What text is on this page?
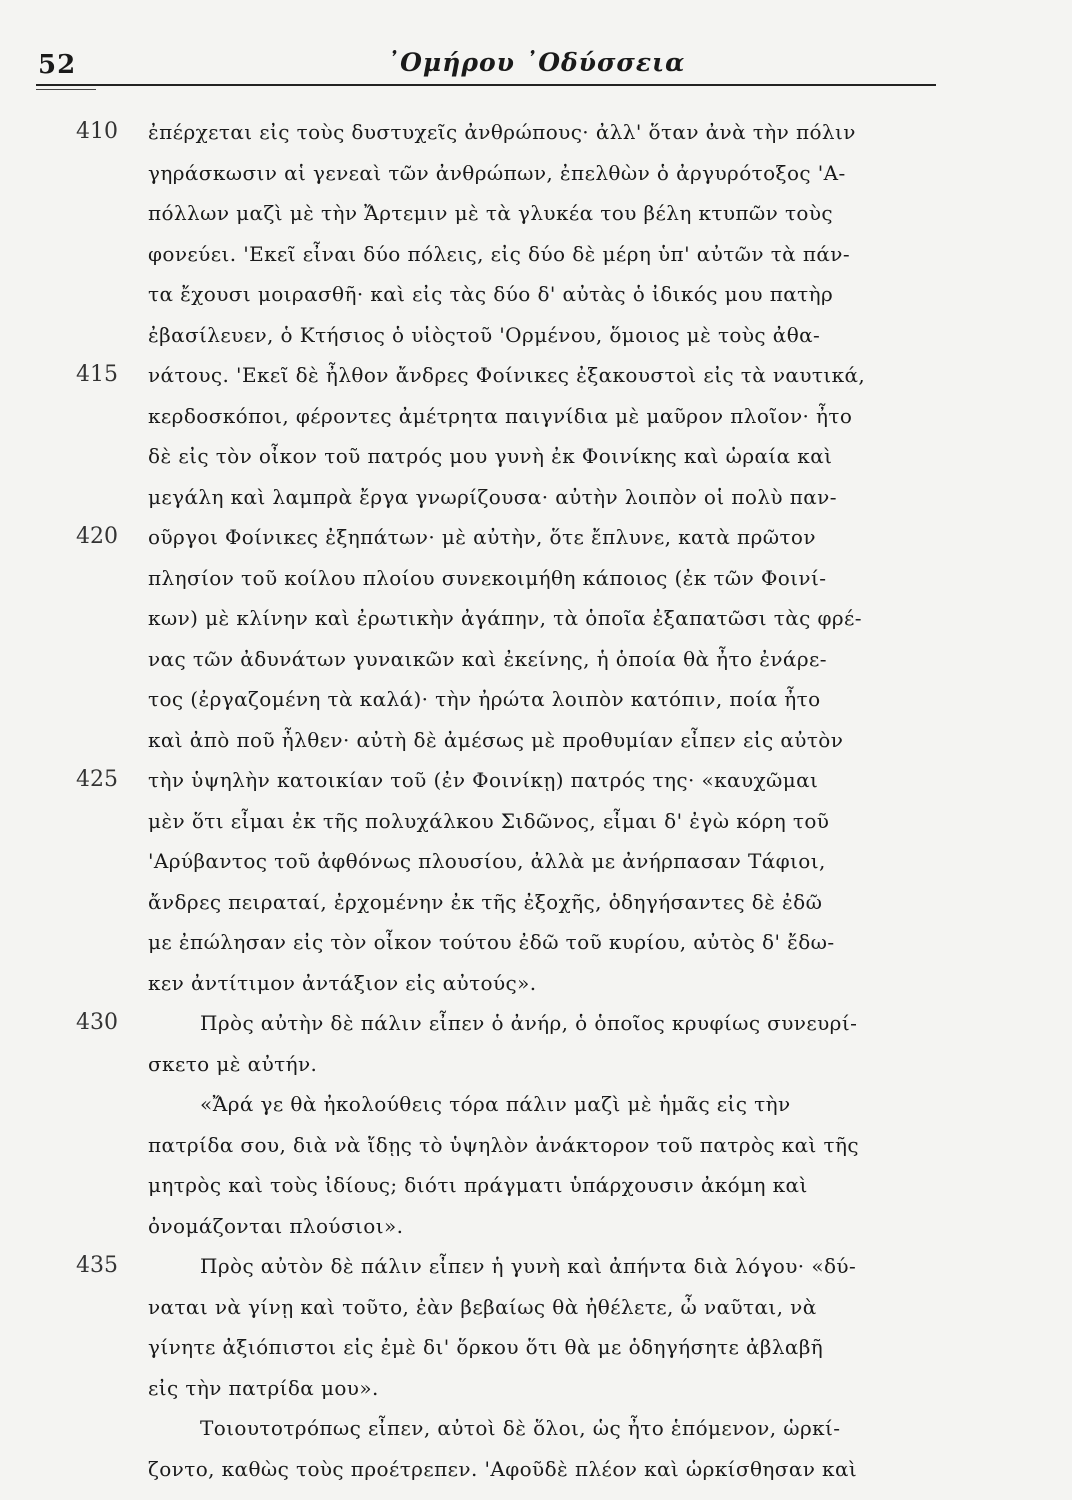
52	᾿Ομήρου ᾿Οδύσσεια
410	ἐπέρχεται εἰς τοὺς δυστυχεῖς ἀνθρώπους· ἀλλ' ὅταν ἀνὰ τὴν πόλιν
γηράσκωσιν αἱ γενεαὶ τῶν ἀνθρώπων, ἐπελθὼν ὁ ἀργυρότοξος 'Α-
πόλλων μαζὶ μὲ τὴν Ἄρτεμιν μὲ τὰ γλυκέα του βέλη κτυπῶν τοὺς
φονεύει. 'Εκεῖ εἶναι δύο πόλεις, εἰς δύο δὲ μέρη ὑπ' αὐτῶν τὰ πάν-
τα ἔχουσι μοιρασθῆ· καὶ εἰς τὰς δύο δ' αὐτὰς ὁ ἰδικός μου πατὴρ
ἐβασίλευεν, ὁ Κτήσιος ὁ υἱὸςτοῦ 'Ορμένου, ὅμοιος μὲ τοὺς ἀθα-
415	νάτους. 'Εκεῖ δὲ ἦλθον ἄνδρες Φοίνικες ἐξακουστοὶ εἰς τὰ ναυτικά,
κερδοσκόποι, φέροντες ἀμέτρητα παιγνίδια μὲ μαῦρον πλοῖον· ἦτο
δὲ εἰς τὸν οἶκον τοῦ πατρός μου γυνὴ ἐκ Φοινίκης καὶ ὡραία καὶ
μεγάλη καὶ λαμπρὰ ἔργα γνωρίζουσα· αὐτὴν λοιπὸν οἱ πολὺ παν-
420	οῦργοι Φοίνικες ἐξηπάτων· μὲ αὐτὴν, ὅτε ἔπλυνε, κατὰ πρῶτον
πλησίον τοῦ κοίλου πλοίου συνεκοιμήθη κάποιος (ἐκ τῶν Φοινί-
κων) μὲ κλίνην καὶ ἐρωτικὴν ἀγάπην, τὰ ὁποῖα ἐξαπατῶσι τὰς φρέ-
νας τῶν ἀδυνάτων γυναικῶν καὶ ἐκείνης, ἡ ὁποία θὰ ἦτο ἐνάρε-
τος (ἐργαζομένη τὰ καλά)· τὴν ἠρώτα λοιπὸν κατόπιν, ποία ἦτο
καὶ ἀπὸ ποῦ ἦλθεν· αὐτὴ δὲ ἀμέσως μὲ προθυμίαν εἶπεν εἰς αὐτὸν
425	τὴν ὑψηλὴν κατοικίαν τοῦ (ἐν Φοινίκῃ) πατρός της· «καυχῶμαι
μὲν ὅτι εἶμαι ἐκ τῆς πολυχάλκου Σιδῶνος, εἶμαι δ' ἐγὼ κόρη τοῦ
'Αρύβαντος τοῦ ἀφθόνως πλουσίου, ἀλλὰ με ἀνήρπασαν Τάφιοι,
ἄνδρες πειραταί, ἐρχομένην ἐκ τῆς ἐξοχῆς, ὁδηγήσαντες δὲ ἐδῶ
με ἐπώλησαν εἰς τὸν οἶκον τούτου ἐδῶ τοῦ κυρίου, αὐτὸς δ' ἔδω-
κεν ἀντίτιμον ἀντάξιον εἰς αὐτούς».
430	Πρὸς αὐτὴν δὲ πάλιν εἶπεν ὁ ἀνήρ, ὁ ὁποῖος κρυφίως συνευρί-
σκετο μὲ αὐτήν.
«Ἄρά γε θὰ ἠκολούθεις τόρα πάλιν μαζὶ μὲ ἡμᾶς εἰς τὴν
πατρίδα σου, διὰ νὰ ἴδῃς τὸ ὑψηλὸν ἀνάκτορον τοῦ πατρὸς καὶ τῆς
μητρὸς καὶ τοὺς ἰδίους; διότι πράγματι ὑπάρχουσιν ἀκόμη καὶ
ὀνομάζονται πλούσιοι».
435	Πρὸς αὐτὸν δὲ πάλιν εἶπεν ἡ γυνὴ καὶ ἀπήντα διὰ λόγου· «δύ-
ναται νὰ γίνῃ καὶ τοῦτο, ἐὰν βεβαίως θὰ ἠθέλετε, ὦ ναῦται, νὰ
γίνητε ἀξιόπιστοι εἰς ἐμὲ δι' ὅρκου ὅτι θὰ με ὁδηγήσητε ἀβλαβῆ
εἰς τὴν πατρίδα μου».
Τοιουτοτρόπως εἶπεν, αὐτοὶ δὲ ὅλοι, ὡς ἦτο ἑπόμενον, ὡρκί-
ζοντο, καθὼς τοὺς προέτρεπεν. 'Αφοῦδὲ πλέον καὶ ὡρκίσθησαν καὶ
